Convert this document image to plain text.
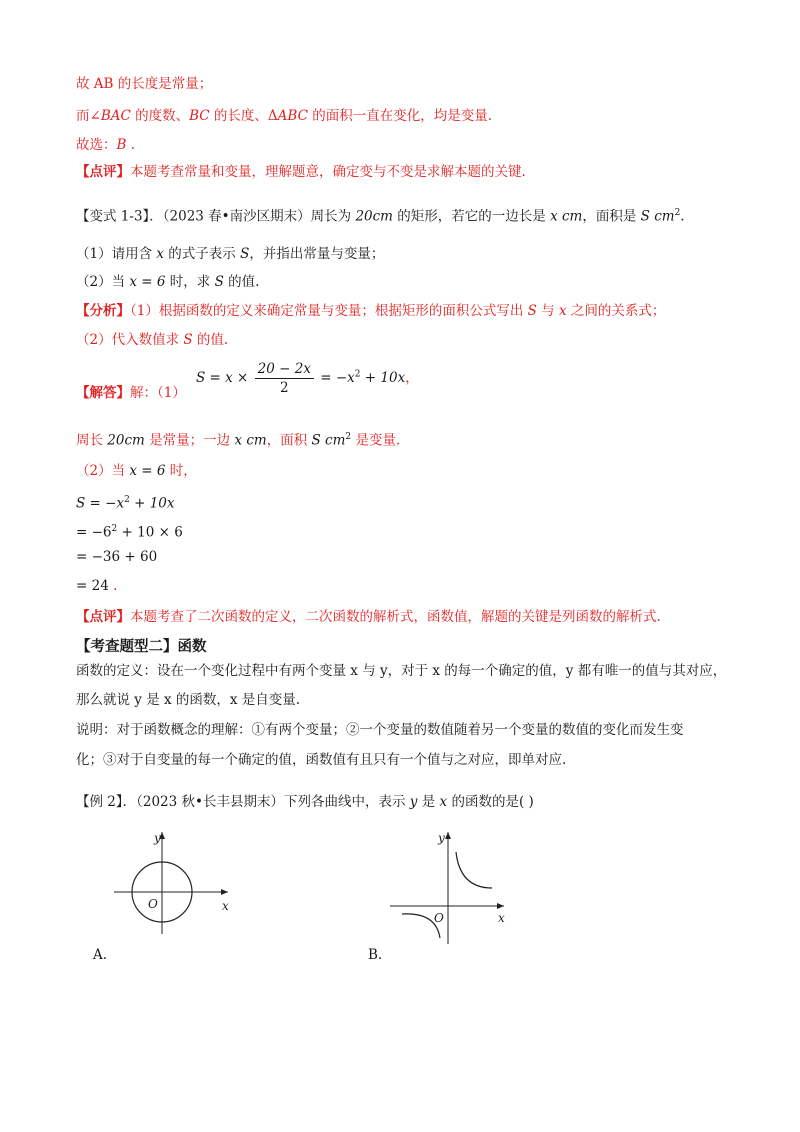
故 AB 的长度是常量；
而∠BAC 的度数、BC 的长度、ΔABC 的面积一直在变化，均是变量.
故选：B .
【点评】本题考查常量和变量，理解题意，确定变与不变是求解本题的关键.
【变式 1-3】．（2023 春•南沙区期末）周长为 20cm 的矩形，若它的一边长是 x cm，面积是 S $cm^2$.
（1）请用含 x 的式子表示 S，并指出常量与变量；
（2）当 x = 6 时，求 S 的值.
【分析】（1）根据函数的定义来确定常量与变量；根据矩形的面积公式写出 S 与 x 之间的关系式；
（2）代入数值求 S 的值.
【解答】解：（1）
$S = x \times \frac{20 - 2x}{2} = -x^2 + 10x$，
周长 20cm 是常量；一边 x cm，面积 S $cm^2$ 是变量.
（2）当 x = 6 时，
$S = -x^2 + 10x$
= $-6^2 + 10 \times 6$
= −36 + 60
= 24 .
【点评】本题考查了二次函数的定义，二次函数的解析式，函数值，解题的关键是列函数的解析式.
【考查题型二】函数
函数的定义：设在一个变化过程中有两个变量 x 与 y，对于 x 的每一个确定的值，y 都有唯一的值与其对应，
那么就说 y 是 x 的函数，x 是自变量.
说明：对于函数概念的理解：①有两个变量；②一个变量的数值随着另一个变量的数值的变化而发生变
化；③对于自变量的每一个确定的值，函数值有且只有一个值与之对应，即单对应.
【例 2】．（2023 秋•长丰县期末）下列各曲线中，表示 y 是 x 的函数的是( )
y
x
O
A.
y
x
O
B.
